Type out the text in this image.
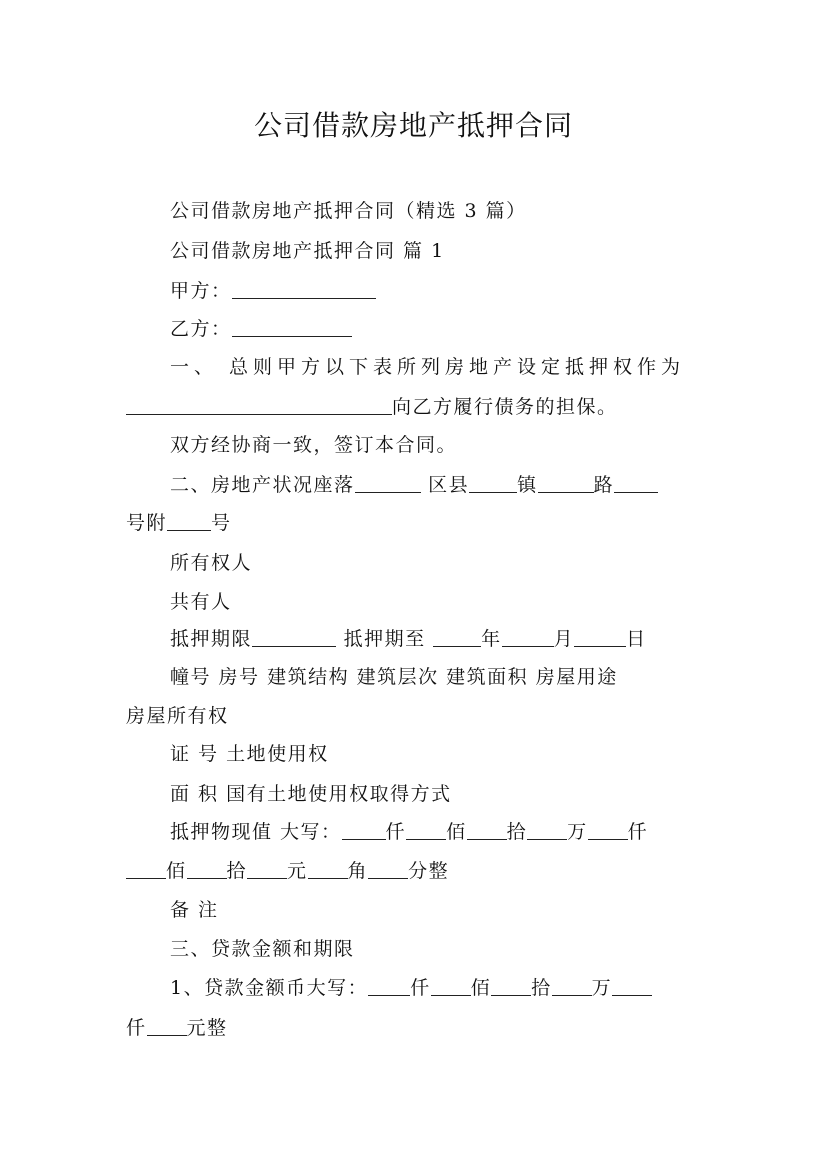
公司借款房地产抵押合同
公司借款房地产抵押合同（精选 3 篇）
公司借款房地产抵押合同 篇 1
甲方：
乙方：
一、 总则甲方以下表所列房地产设定抵押权作为
向乙方履行债务的担保。
双方经协商一致，签订本合同。
二、房地产状况座落	区县	镇	路
号附 号
所有权人
共有人
抵押期限	抵押期至	年	月	日
幢号 房号 建筑结构 建筑层次 建筑面积 房屋用途
房屋所有权
证 号 土地使用权
面 积 国有土地使用权取得方式
抵押物现值 大写： 仟 佰 拾 万 仟
佰 拾 元 角 分整
备 注
三、贷款金额和期限
1、贷款金额币大写： 仟 佰 拾 万
仟 元整
